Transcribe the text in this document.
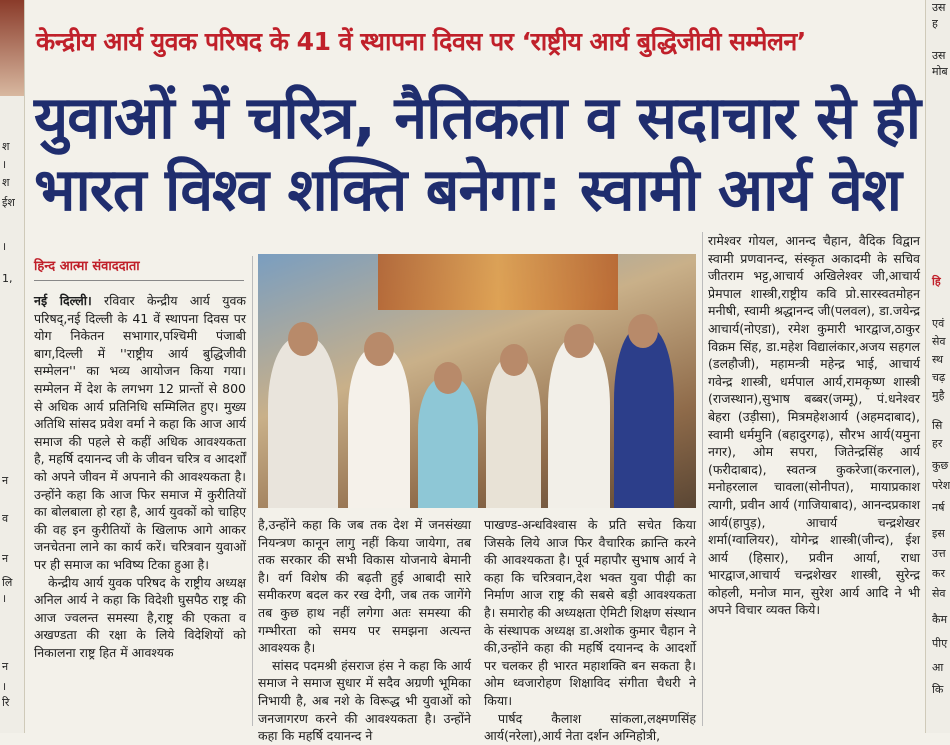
श
।
श
ईश
।
1,
न
व
न
लि
।
न
।
रि
उस
ह
उस
मोब
हि
एवं
सेव
स्थ
चढ़
मुहै
सि
हर
कुछ
परेश
नर्ष
इस
उत्त
कर
सेव
कैम
पीए
आ
कि
केन्द्रीय आर्य युवक परिषद के 41 वें स्थापना दिवस पर ‘राष्ट्रीय आर्य बुद्धिजीवी सम्मेलन’
युवाओं में चरित्र, नैतिकता व सदाचार से ही
भारत विश्व शक्ति बनेगा: स्वामी आर्य वेश
हिन्द आत्मा संवाददाता

नई दिल्ली। रविवार केन्द्रीय आर्य युवक परिषद्,नई दिल्ली के 41 वें स्थापना दिवस पर योग निकेतन सभागार,पश्चिमी पंजाबी बाग,दिल्ली में ''राष्ट्रीय आर्य बुद्धिजीवी सम्मेलन'' का भव्य आयोजन किया गया। सम्मेलन में देश के लगभग 12 प्रान्तों से 800 से अधिक आर्य प्रतिनिधि सम्मिलित हुए। मुख्य अतिथि सांसद प्रवेश वर्मा ने कहा कि आज आर्य समाज की पहले से कहीं अधिक आवश्यकता है, महर्षि दयानन्द जी के जीवन चरित्र व आदर्शों को अपने जीवन में अपनाने की आवश्यकता है। उन्होंने कहा कि आज फिर समाज में कुरीतियों का बोलबाला हो रहा है, आर्य युवकों को चाहिए की वह इन कुरीतियों के खिलाफ आगे आकर जनचेतना लाने का कार्य करें। चरित्रवान युवाओं पर ही समाज का भविष्य टिका हुआ है।

केन्द्रीय आर्य युवक परिषद के राष्ट्रीय अध्यक्ष अनिल आर्य ने कहा कि विदेशी घुसपैठ राष्ट्र की आज ज्वलन्त समस्या है,राष्ट्र की एकता व अखण्डता की रक्षा के लिये विदेशियों को निकालना राष्ट्र हित में आवश्यक

है,उन्होंने कहा कि जब तक देश में जनसंख्या नियन्त्रण कानून लागु नहीं किया जायेगा, तब तक सरकार की सभी विकास योजनाये बेमानी है। वर्ग विशेष की बढ़ती हुई आबादी सारे समीकरण बदल कर रख देगी, जब तक जागेंगे तब कुछ हाथ नहीं लगेगा अतः समस्या की गम्भीरता को समय पर समझना अत्यन्त आवश्यक है।

सांसद पदमश्री हंसराज हंस ने कहा कि आर्य समाज ने समाज सुधार में सदैव अग्रणी भूमिका निभायी है, अब नशे के विरूद्ध भी युवाओं को जनजागरण करने की आवश्यकता है। उन्होंने कहा कि महर्षि दयानन्द ने

पाखण्ड-अन्धविश्वास के प्रति सचेत किया जिसके लिये आज फिर वैचारिक क्रान्ति करने की आवश्यकता है। पूर्व महापौर सुभाष आर्य ने कहा कि चरित्रवान,देश भक्त युवा पीढ़ी का निर्माण आज राष्ट्र की सबसे बड़ी आवश्यकता है। समारोह की अध्यक्षता ऐमिटी शिक्षण संस्थान के संस्थापक अध्यक्ष डा.अशोक कुमार चैहान ने की,उन्होंने कहा की महर्षि दयानन्द के आदर्शो पर चलकर ही भारत महाशक्ति बन सकता है। ओम ध्वजारोहण शिक्षाविद संगीता चैधरी ने किया।

पार्षद कैलाश सांकला,लक्ष्मणसिंह आर्य(नरेला),आर्य नेता दर्शन अग्निहोत्री,

रामेश्वर गोयल, आनन्द चैहान, वैदिक विद्वान स्वामी प्रणवानन्द, संस्कृत अकादमी के सचिव जीतराम भट्ट,आचार्य अखिलेश्वर जी,आचार्य प्रेमपाल शास्त्री,राष्ट्रीय कवि प्रो.सारस्वतमोहन मनीषी, स्वामी श्रद्धानन्द जी(पलवल), डा.जयेन्द्र आचार्य(नोएडा), रमेश कुमारी भारद्वाज,ठाकुर विक्रम सिंह, डा.महेश विद्यालंकार,अजय सहगल (डलहौजी), महामन्त्री महेन्द्र भाई, आचार्य गवेन्द्र शास्त्री, धर्मपाल आर्य,रामकृष्ण शास्त्री (राजस्थान),सुभाष बब्बर(जम्मू), पं.धनेश्वर बेहरा (उड़ीसा), मित्रमहेशआर्य (अहमदाबाद), स्वामी धर्ममुनि (बहादुरगढ़), सौरभ आर्य(यमुना नगर), ओम सपरा, जितेन्द्रसिंह आर्य (फरीदाबाद), स्वतन्त्र कुकरेजा(करनाल), मनोहरलाल चावला(सोनीपत), मायाप्रकाश त्यागी, प्रवीन आर्य (गाजियाबाद), आनन्दप्रकाश आर्य(हापुड़), आचार्य चन्द्रशेखर शर्मा(ग्वालियर), योगेन्द्र शास्त्री(जीन्द), ईश आर्य (हिसार), प्रवीन आर्या, राधा भारद्वाज,आचार्य चन्द्रशेखर शास्त्री, सुरेन्द्र कोहली, मनोज मान, सुरेश आर्य आदि ने भी अपने विचार व्यक्त किये।
